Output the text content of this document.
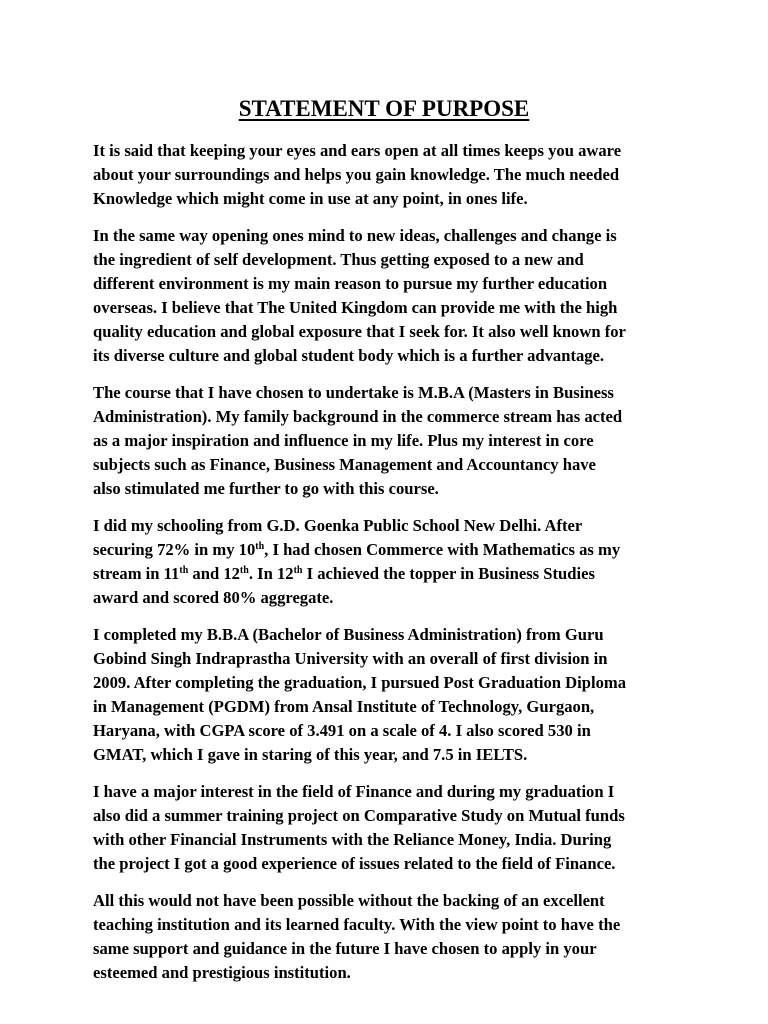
STATEMENT OF PURPOSE

It is said that keeping your eyes and ears open at all times keeps you aware
about your surroundings and helps you gain knowledge. The much needed
Knowledge which might come in use at any point, in ones life.

In the same way opening ones mind to new ideas, challenges and change is
the ingredient of self development. Thus getting exposed to a new and
different environment is my main reason to pursue my further education
overseas. I believe that The United Kingdom can provide me with the high
quality education and global exposure that I seek for. It also well known for
its diverse culture and global student body which is a further advantage.

The course that I have chosen to undertake is M.B.A (Masters in Business
Administration). My family background in the commerce stream has acted
as a major inspiration and influence in my life. Plus my interest in core
subjects such as Finance, Business Management and Accountancy have
also stimulated me further to go with this course.

I did my schooling from G.D. Goenka Public School New Delhi. After
securing 72% in my 10th, I had chosen Commerce with Mathematics as my
stream in 11th and 12th. In 12th I achieved the topper in Business Studies
award and scored 80% aggregate.

I completed my B.B.A (Bachelor of Business Administration) from Guru
Gobind Singh Indraprastha University with an overall of first division in
2009. After completing the graduation, I pursued Post Graduation Diploma
in Management (PGDM) from Ansal Institute of Technology, Gurgaon,
Haryana, with CGPA score of 3.491 on a scale of 4. I also scored 530 in
GMAT, which I gave in staring of this year, and 7.5 in IELTS.

I have a major interest in the field of Finance and during my graduation I
also did a summer training project on Comparative Study on Mutual funds
with other Financial Instruments with the Reliance Money, India. During
the project I got a good experience of issues related to the field of Finance.

All this would not have been possible without the backing of an excellent
teaching institution and its learned faculty. With the view point to have the
same support and guidance in the future I have chosen to apply in your
esteemed and prestigious institution.
